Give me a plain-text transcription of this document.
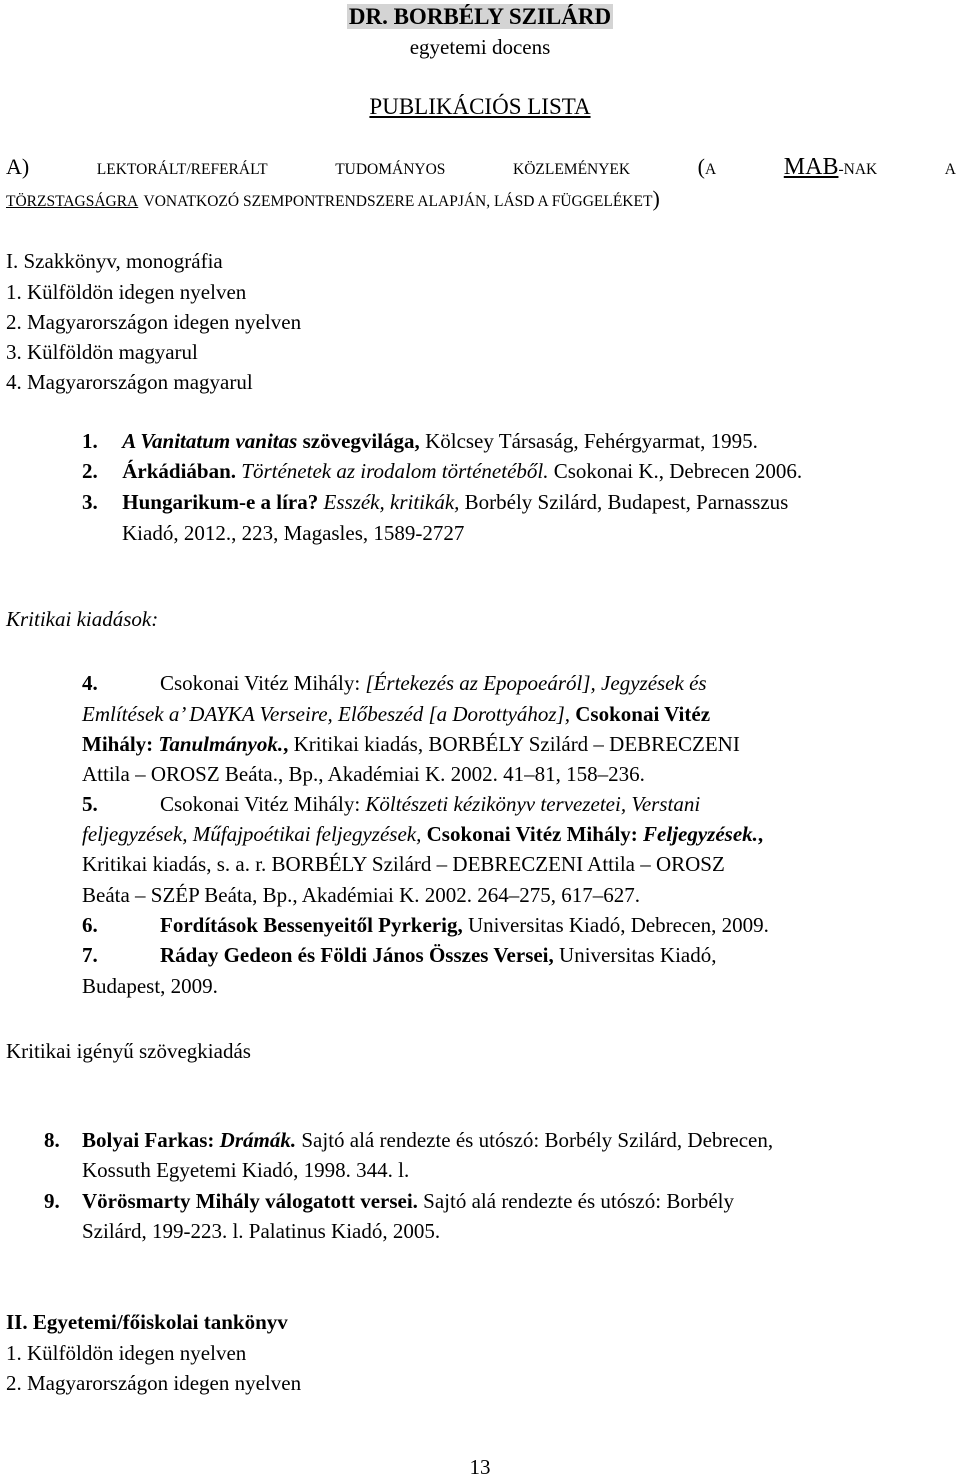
DR. BORBÉLY SZILÁRD
egyetemi docens
PUBLIKÁCIÓS LISTA
A)	LEKTORÁLT/REFERÁLT	TUDOMÁNYOS	KÖZLEMÉNYEK	(A	MAB-NAK	A
TÖRZSTAGSÁGRA VONATKOZÓ SZEMPONTRENDSZERE ALAPJÁN, LÁSD A FÜGGELÉKET)
I. Szakkönyv, monográfia
1. Külföldön idegen nyelven
2. Magyarországon idegen nyelven
3. Külföldön magyarul
4. Magyarországon magyarul
1. A Vanitatum vanitas szövegvilága, Kölcsey Társaság, Fehérgyarmat, 1995.
2. Árkádiában. Történetek az irodalom történetéből. Csokonai K., Debrecen 2006.
3. Hungarikum-e a líra? Esszék, kritikák, Borbély Szilárd, Budapest, Parnasszus
Kiadó, 2012., 223, Magasles, 1589-2727
Kritikai kiadások:
4.	Csokonai Vitéz Mihály: [Értekezés az Epopoeáról], Jegyzések és
Említések a’ DAYKA Verseire, Előbeszéd [a Dorottyához], Csokonai Vitéz
Mihály: Tanulmányok., Kritikai kiadás, BORBÉLY Szilárd – DEBRECZENI
Attila – OROSZ Beáta., Bp., Akadémiai K. 2002. 41–81, 158–236.
5.	Csokonai Vitéz Mihály: Költészeti kézikönyv tervezetei, Verstani
feljegyzések, Műfajpoétikai feljegyzések, Csokonai Vitéz Mihály: Feljegyzések.,
Kritikai kiadás, s. a. r. BORBÉLY Szilárd – DEBRECZENI Attila – OROSZ
Beáta – SZÉP Beáta, Bp., Akadémiai K. 2002. 264–275, 617–627.
6.	Fordítások Bessenyeitől Pyrkerig, Universitas Kiadó, Debrecen, 2009.
7.	Ráday Gedeon és Földi János Összes Versei, Universitas Kiadó,
Budapest, 2009.
Kritikai igényű szövegkiadás
8. Bolyai Farkas: Drámák. Sajtó alá rendezte és utószó: Borbély Szilárd, Debrecen,
Kossuth Egyetemi Kiadó, 1998. 344. l.
9. Vörösmarty Mihály válogatott versei. Sajtó alá rendezte és utószó: Borbély
Szilárd, 199-223. l. Palatinus Kiadó, 2005.
II. Egyetemi/főiskolai tankönyv
1. Külföldön idegen nyelven
2. Magyarországon idegen nyelven
13
